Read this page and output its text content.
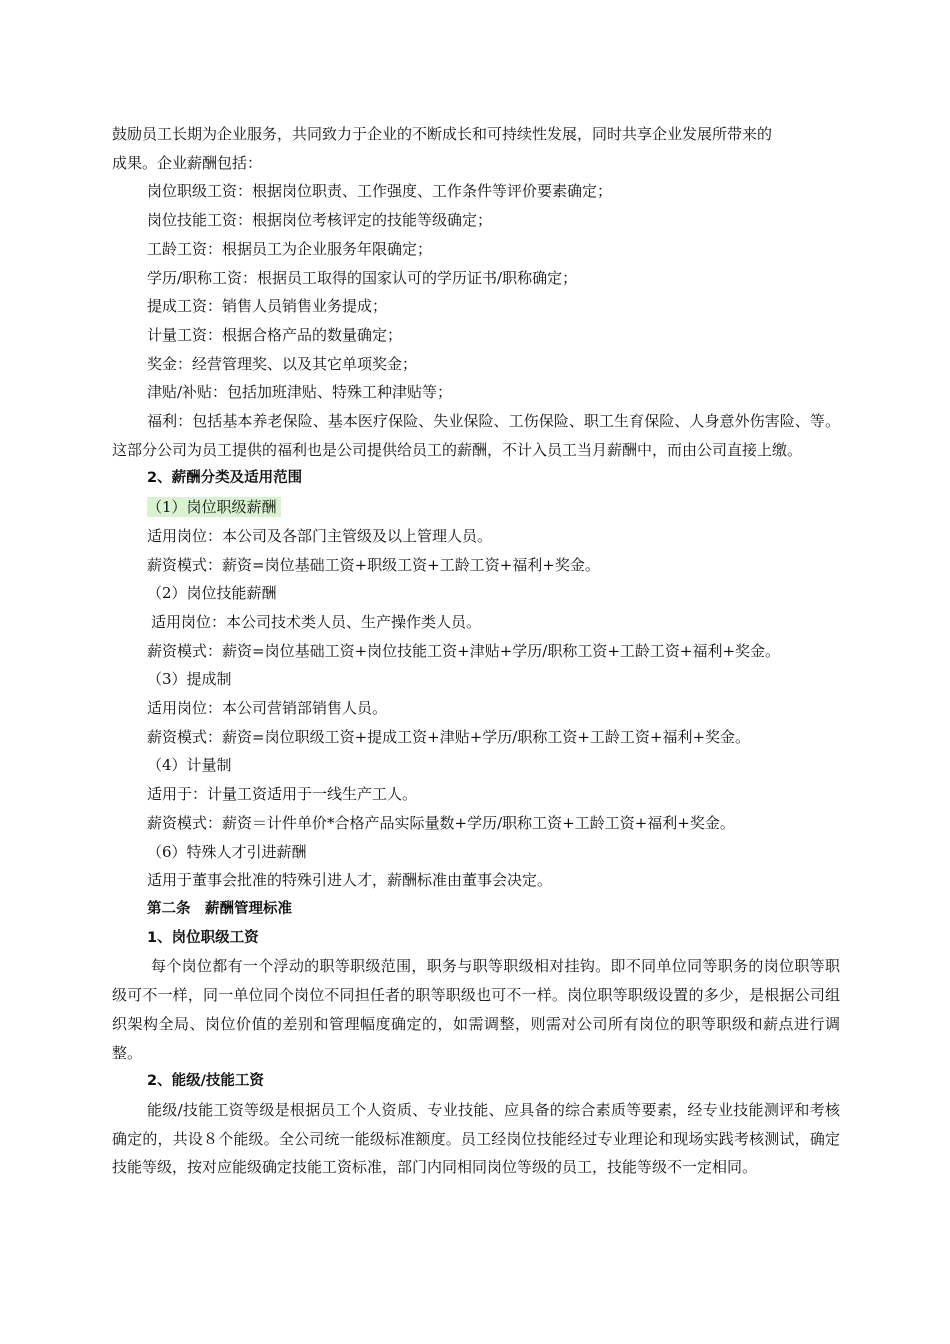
鼓励员工长期为企业服务，共同致力于企业的不断成长和可持续性发展，同时共享企业发展所带来的

成果。企业薪酬包括：

岗位职级工资：根据岗位职责、工作强度、工作条件等评价要素确定；

岗位技能工资：根据岗位考核评定的技能等级确定；

工龄工资：根据员工为企业服务年限确定；

学历/职称工资：根据员工取得的国家认可的学历证书/职称确定；

提成工资：销售人员销售业务提成；

计量工资：根据合格产品的数量确定；

奖金：经营管理奖、以及其它单项奖金；

津贴/补贴：包括加班津贴、特殊工种津贴等；

福利：包括基本养老保险、基本医疗保险、失业保险、工伤保险、职工生育保险、人身意外伤害险、等。这部分公司为员工提供的福利也是公司提供给员工的薪酬，不计入员工当月薪酬中，而由公司直接上缴。

2、薪酬分类及适用范围

（1）岗位职级薪酬

适用岗位：本公司及各部门主管级及以上管理人员。

薪资模式：薪资=岗位基础工资+职级工资+工龄工资+福利+奖金。

（2）岗位技能薪酬

适用岗位：本公司技术类人员、生产操作类人员。

薪资模式：薪资=岗位基础工资+岗位技能工资+津贴+学历/职称工资+工龄工资+福利+奖金。

（3）提成制

适用岗位：本公司营销部销售人员。

薪资模式：薪资=岗位职级工资+提成工资+津贴+学历/职称工资+工龄工资+福利+奖金。

（4）计量制

适用于：计量工资适用于一线生产工人。

薪资模式：薪资＝计件单价*合格产品实际量数+学历/职称工资+工龄工资+福利+奖金。

（6）特殊人才引进薪酬

适用于董事会批准的特殊引进人才，薪酬标准由董事会决定。

第二条　薪酬管理标准

1、岗位职级工资

每个岗位都有一个浮动的职等职级范围，职务与职等职级相对挂钩。即不同单位同等职务的岗位职等职级可不一样，同一单位同个岗位不同担任者的职等职级也可不一样。岗位职等职级设置的多少，是根据公司组织架构全局、岗位价值的差别和管理幅度确定的，如需调整，则需对公司所有岗位的职等职级和薪点进行调整。

2、能级/技能工资

能级/技能工资等级是根据员工个人资质、专业技能、应具备的综合素质等要素，经专业技能测评和考核确定的，共设８个能级。全公司统一能级标准额度。员工经岗位技能经过专业理论和现场实践考核测试，确定技能等级，按对应能级确定技能工资标准，部门内同相同岗位等级的员工，技能等级不一定相同。
